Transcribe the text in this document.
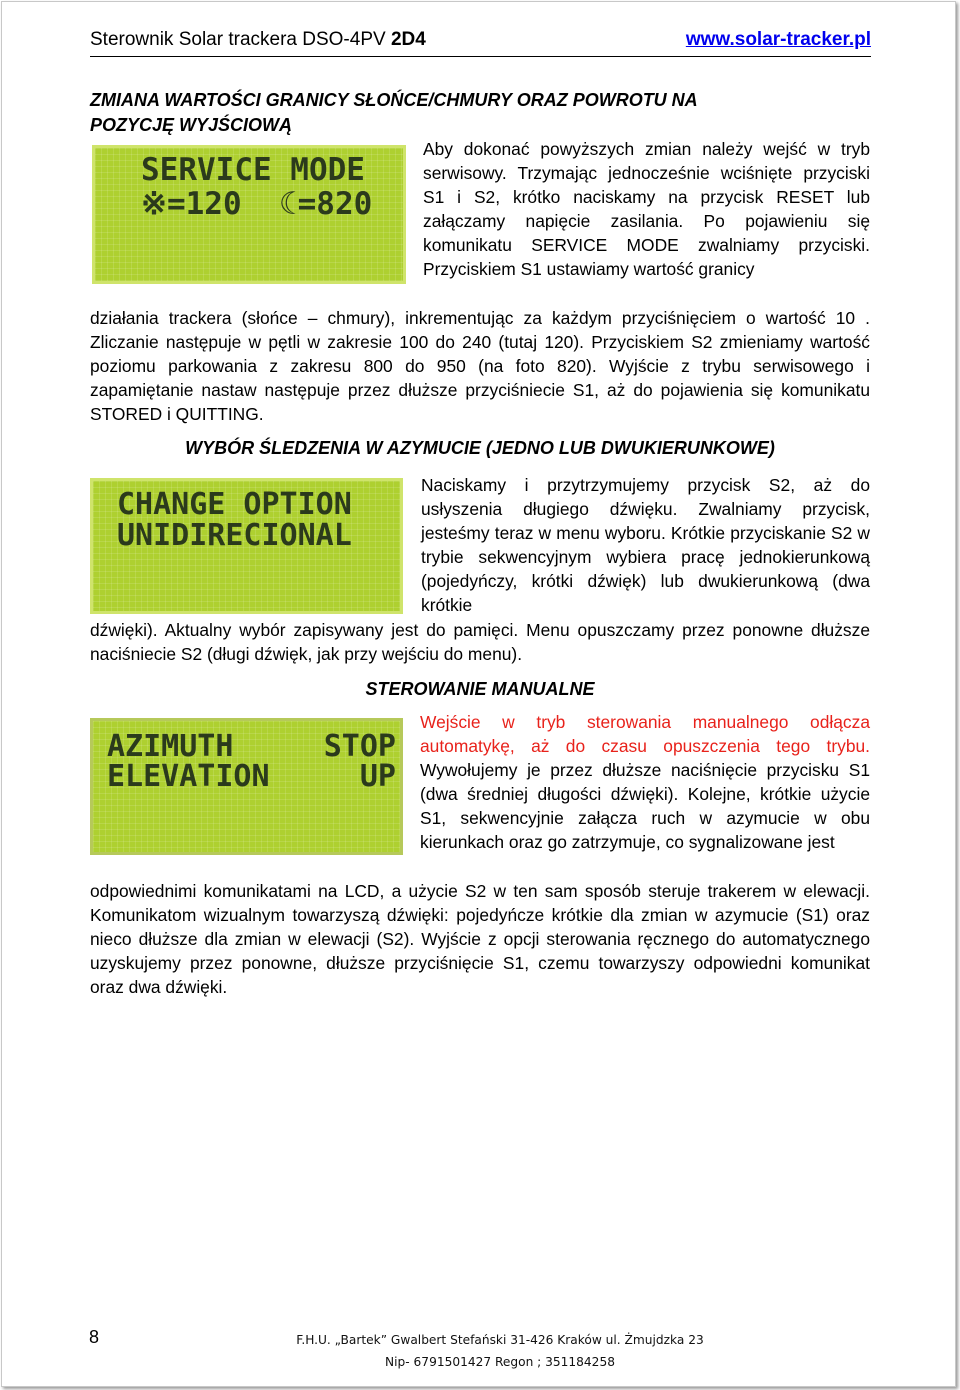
Sterownik Solar trackera DSO-4PV 2D4	www.solar-tracker.pl
ZMIANA WARTOŚCI GRANICY SŁOŃCE/CHMURY ORAZ POWROTU NA
POZYCJĘ WYJŚCIOWĄ
SERVICE MODE
※=120  ☾=820
Aby dokonać powyższych zmian należy wejść w tryb serwisowy. Trzymając jednocześnie wciśnięte przyciski S1 i S2, krótko naciskamy na przycisk RESET lub załączamy napięcie zasilania. Po pojawieniu się komunikatu SERVICE MODE zwalniamy przyciski. Przyciskiem S1 ustawiamy wartość granicy
działania trackera (słońce – chmury), inkrementując za każdym przyciśnięciem o wartość 10 . Zliczanie następuje w pętli w zakresie 100 do 240 (tutaj 120). Przyciskiem S2 zmieniamy wartość poziomu parkowania z zakresu 800 do 950 (na foto 820). Wyjście z trybu serwisowego i zapamiętanie nastaw następuje przez dłuższe przyciśniecie S1, aż do pojawienia się komunikatu STORED i QUITTING.
WYBÓR ŚLEDZENIA W AZYMUCIE (JEDNO LUB DWUKIERUNKOWE)
CHANGE OPTION
UNIDIRECIONAL
Naciskamy i przytrzymujemy przycisk S2, aż do usłyszenia długiego dźwięku. Zwalniamy przycisk, jesteśmy teraz w menu wyboru. Krótkie przyciskanie S2 w trybie sekwencyjnym wybiera pracę jednokierunkową (pojedyńczy, krótki dźwięk) lub dwukierunkową (dwa krótkie
dźwięki). Aktualny wybór zapisywany jest do pamięci. Menu opuszczamy przez ponowne dłuższe naciśniecie S2 (długi dźwięk, jak przy wejściu do menu).
STEROWANIE MANUALNE
AZIMUTH     STOP
ELEVATION     UP
Wejście w tryb sterowania manualnego odłącza automatykę, aż do czasu opuszczenia tego trybu. Wywołujemy je przez dłuższe naciśnięcie przycisku S1 (dwa średniej długości dźwięki). Kolejne, krótkie użycie S1, sekwencyjnie załącza ruch w azymucie w obu kierunkach oraz go zatrzymuje, co sygnalizowane jest
odpowiednimi komunikatami na LCD, a użycie S2 w ten sam sposób steruje trakerem w elewacji. Komunikatom wizualnym towarzyszą dźwięki: pojedyńcze krótkie dla zmian w azymucie (S1) oraz nieco dłuższe dla zmian w elewacji (S2). Wyjście z opcji sterowania ręcznego do automatycznego uzyskujemy przez ponowne, dłuższe przyciśnięcie S1, czemu towarzyszy odpowiedni komunikat oraz dwa dźwięki.
8	F.H.U. „Bartek” Gwalbert Stefański 31-426 Kraków ul. Żmujdzka 23
Nip- 6791501427 Regon ; 351184258
